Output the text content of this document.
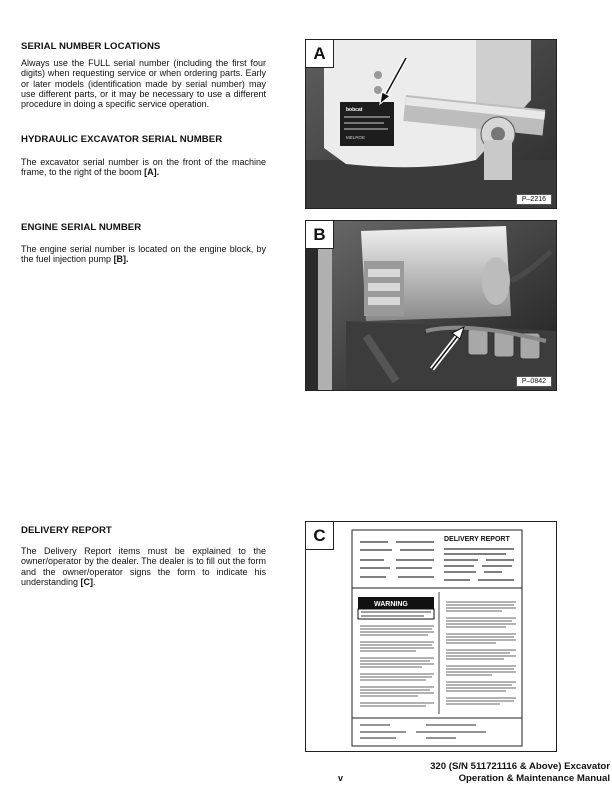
SERIAL NUMBER LOCATIONS
Always use the FULL serial number (including the first four digits) when requesting service or when ordering parts. Early or later models (identification made by serial number) may use different parts, or it may be necessary to use a different procedure in doing a specific service operation.
HYDRAULIC EXCAVATOR SERIAL NUMBER
The excavator serial number is on the front of the machine frame, to the right of the boom [A].
ENGINE SERIAL NUMBER
The engine serial number is located on the engine block, by the fuel injection pump [B].
DELIVERY REPORT
The Delivery Report items must be explained to the owner/operator by the dealer. The dealer is to fill out the form and the owner/operator signs the form to indicate his understanding [C].
bobcat
MELROE
A
P–2216
B
P–0842
DELIVERY REPORT
WARNING
C
v
320 (S/N 511721116 & Above) Excavator
Operation & Maintenance Manual
